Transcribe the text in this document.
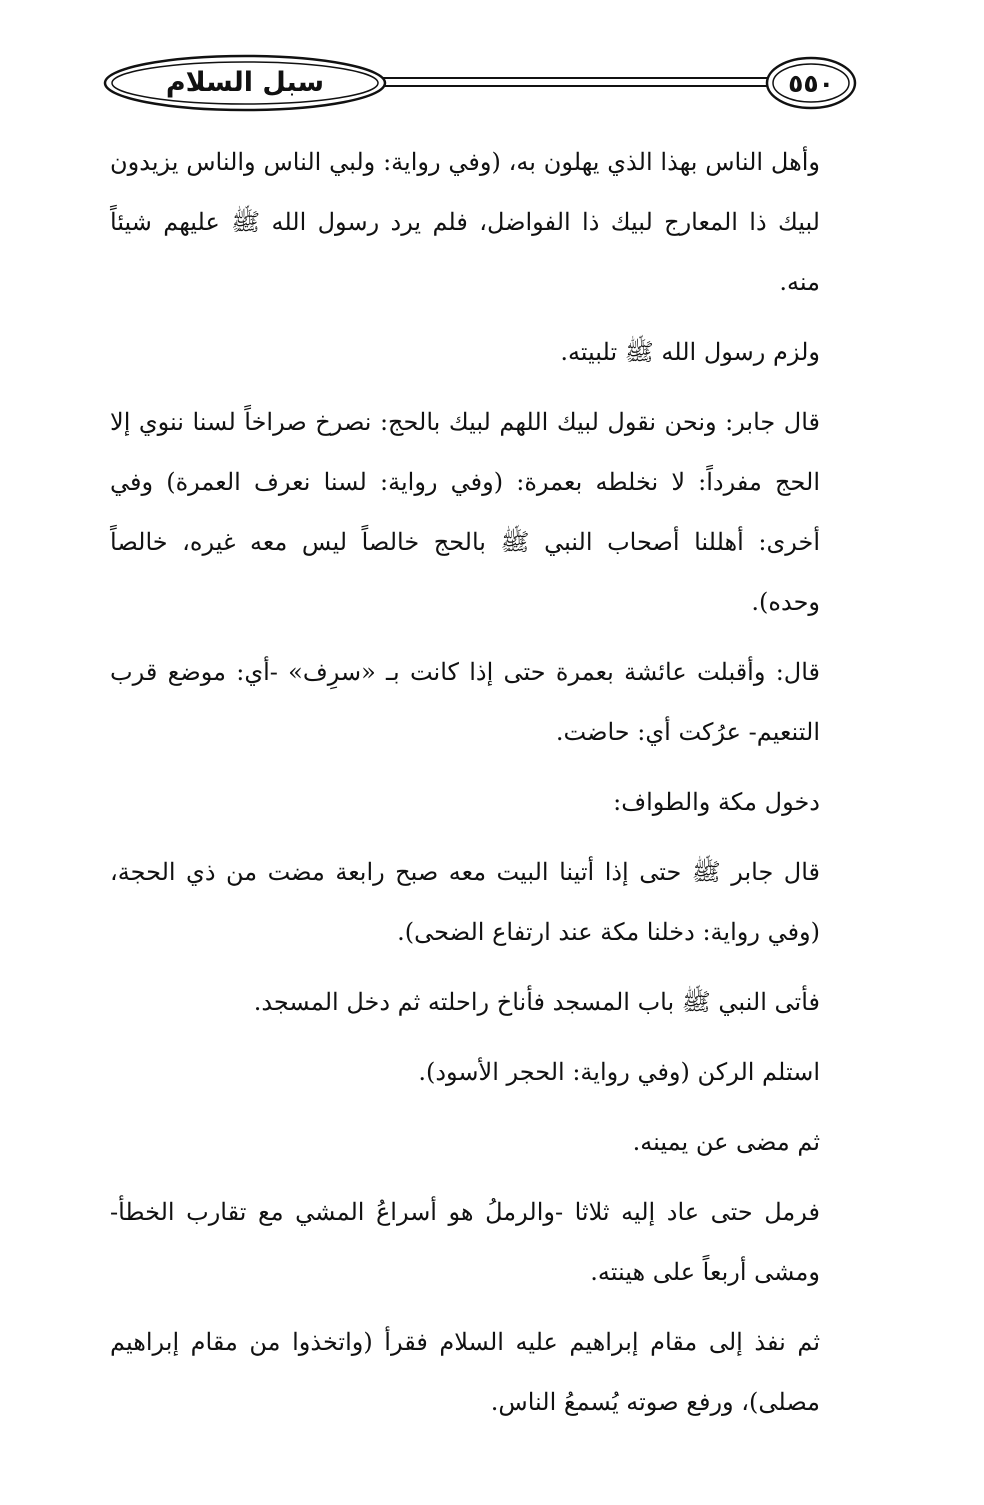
سبل السلام	٥٥٠

وأهل الناس بهذا الذي يهلون به، (وفي رواية: ولبي الناس والناس يزيدون لبيك ذا المعارج لبيك ذا الفواضل، فلم يرد رسول الله ﷺ عليهم شيئاً منه.

ولزم رسول الله ﷺ تلبيته.

قال جابر: ونحن نقول لبيك اللهم لبيك بالحج: نصرخ صراخاً لسنا ننوي إلا الحج مفرداً: لا نخلطه بعمرة: (وفي رواية: لسنا نعرف العمرة) وفي أخرى: أهللنا أصحاب النبي ﷺ بالحج خالصاً ليس معه غيره، خالصاً وحده).

قال: وأقبلت عائشة بعمرة حتى إذا كانت بـ «سرِف» -أي: موضع قرب التنعيم- عرُكت أي: حاضت.

دخول مكة والطواف:

قال جابر ﷺ حتى إذا أتينا البيت معه صبح رابعة مضت من ذي الحجة، (وفي رواية: دخلنا مكة عند ارتفاع الضحى).

فأتى النبي ﷺ باب المسجد فأناخ راحلته ثم دخل المسجد.

استلم الركن (وفي رواية: الحجر الأسود).

ثم مضى عن يمينه.

فرمل حتى عاد إليه ثلاثا -والرملُ هو أسراعُ المشي مع تقارب الخطأ- ومشى أربعاً على هينته.

ثم نفذ إلى مقام إبراهيم عليه السلام فقرأ (واتخذوا من مقام إبراهيم مصلى)، ورفع صوته يُسمعُ الناس.
